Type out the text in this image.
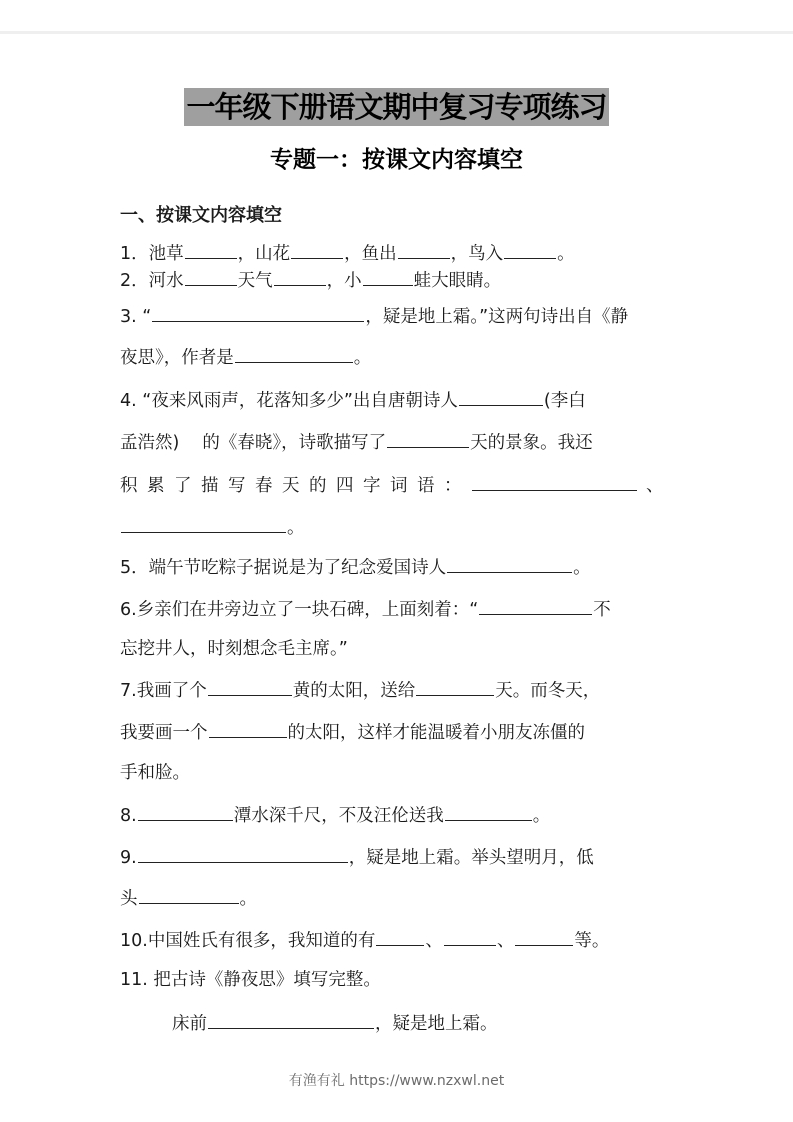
一年级下册语文期中复习专项练习
专题一：按课文内容填空
一、按课文内容填空
1．池草	，山花	，鱼出	，鸟入	。
2．河水	天气	，小	蛙大眼睛。
3. “	，疑是地上霜。”这两句诗出自《静
夜思》，作者是	。
4. “夜来风雨声，花落知多少”出自唐朝诗人	(李白
孟浩然)　 的《春晓》，诗歌描写了	天的景象。我还
积累了描写春天的四字词语：	、
。
5．端午节吃粽子据说是为了纪念爱国诗人	。
6.乡亲们在井旁边立了一块石碑，上面刻着：“	不
忘挖井人，时刻想念毛主席。”
7.我画了个	黄的太阳，送给	天。而冬天，
我要画一个	的太阳，这样才能温暖着小朋友冻僵的
手和脸。
8.	潭水深千尺，不及汪伦送我	。
9.	，疑是地上霜。举头望明月，低
头	。
10.中国姓氏有很多，我知道的有	、	、	等。
11. 把古诗《静夜思》填写完整。
床前	，疑是地上霜。
有渔有礼 https://www.nzxwl.net
